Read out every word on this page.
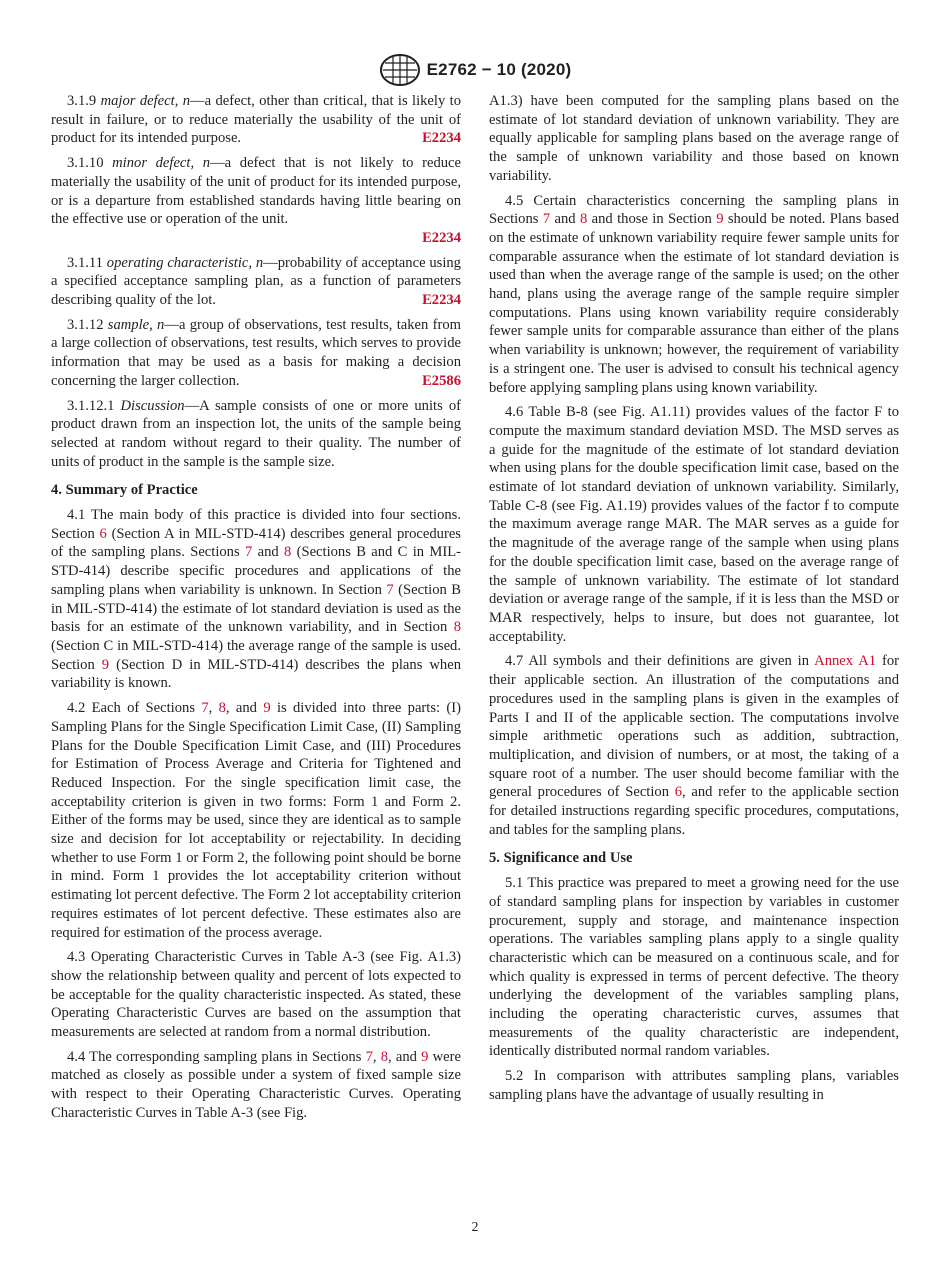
E2762 − 10 (2020)

3.1.9 major defect, n—a defect, other than critical, that is likely to result in failure, or to reduce materially the usability of the unit of product for its intended purpose.	E2234

3.1.10 minor defect, n—a defect that is not likely to reduce materially the usability of the unit of product for its intended purpose, or is a departure from established standards having little bearing on the effective use or operation of the unit.
E2234

3.1.11 operating characteristic, n—probability of acceptance using a specified acceptance sampling plan, as a function of parameters describing quality of the lot.	E2234

3.1.12 sample, n—a group of observations, test results, taken from a large collection of observations, test results, which serves to provide information that may be used as a basis for making a decision concerning the larger collection.	E2586

3.1.12.1 Discussion—A sample consists of one or more units of product drawn from an inspection lot, the units of the sample being selected at random without regard to their quality. The number of units of product in the sample is the sample size.

4. Summary of Practice

4.1 The main body of this practice is divided into four sections. Section 6 (Section A in MIL-STD-414) describes general procedures of the sampling plans. Sections 7 and 8 (Sections B and C in MIL-STD-414) describe specific procedures and applications of the sampling plans when variability is unknown. In Section 7 (Section B in MIL-STD-414) the estimate of lot standard deviation is used as the basis for an estimate of the unknown variability, and in Section 8 (Section C in MIL-STD-414) the average range of the sample is used. Section 9 (Section D in MIL-STD-414) describes the plans when variability is known.

4.2 Each of Sections 7, 8, and 9 is divided into three parts: (I) Sampling Plans for the Single Specification Limit Case, (II) Sampling Plans for the Double Specification Limit Case, and (III) Procedures for Estimation of Process Average and Criteria for Tightened and Reduced Inspection. For the single specification limit case, the acceptability criterion is given in two forms: Form 1 and Form 2. Either of the forms may be used, since they are identical as to sample size and decision for lot acceptability or rejectability. In deciding whether to use Form 1 or Form 2, the following point should be borne in mind. Form 1 provides the lot acceptability criterion without estimating lot percent defective. The Form 2 lot acceptability criterion requires estimates of lot percent defective. These estimates also are required for estimation of the process average.

4.3 Operating Characteristic Curves in Table A-3 (see Fig. A1.3) show the relationship between quality and percent of lots expected to be acceptable for the quality characteristic inspected. As stated, these Operating Characteristic Curves are based on the assumption that measurements are selected at random from a normal distribution.

4.4 The corresponding sampling plans in Sections 7, 8, and 9 were matched as closely as possible under a system of fixed sample size with respect to their Operating Characteristic Curves. Operating Characteristic Curves in Table A-3 (see Fig.

A1.3) have been computed for the sampling plans based on the estimate of lot standard deviation of unknown variability. They are equally applicable for sampling plans based on the average range of the sample of unknown variability and those based on known variability.

4.5 Certain characteristics concerning the sampling plans in Sections 7 and 8 and those in Section 9 should be noted. Plans based on the estimate of unknown variability require fewer sample units for comparable assurance when the estimate of lot standard deviation is used than when the average range of the sample is used; on the other hand, plans using the average range of the sample require simpler computations. Plans using known variability require considerably fewer sample units for comparable assurance than either of the plans when variability is unknown; however, the requirement of variability is a stringent one. The user is advised to consult his technical agency before applying sampling plans using known variability.

4.6 Table B-8 (see Fig. A1.11) provides values of the factor F to compute the maximum standard deviation MSD. The MSD serves as a guide for the magnitude of the estimate of lot standard deviation when using plans for the double specification limit case, based on the estimate of lot standard deviation of unknown variability. Similarly, Table C-8 (see Fig. A1.19) provides values of the factor f to compute the maximum average range MAR. The MAR serves as a guide for the magnitude of the average range of the sample when using plans for the double specification limit case, based on the average range of the sample of unknown variability. The estimate of lot standard deviation or average range of the sample, if it is less than the MSD or MAR respectively, helps to insure, but does not guarantee, lot acceptability.

4.7 All symbols and their definitions are given in Annex A1 for their applicable section. An illustration of the computations and procedures used in the sampling plans is given in the examples of Parts I and II of the applicable section. The computations involve simple arithmetic operations such as addition, subtraction, multiplication, and division of numbers, or at most, the taking of a square root of a number. The user should become familiar with the general procedures of Section 6, and refer to the applicable section for detailed instructions regarding specific procedures, computations, and tables for the sampling plans.

5. Significance and Use

5.1 This practice was prepared to meet a growing need for the use of standard sampling plans for inspection by variables in customer procurement, supply and storage, and maintenance inspection operations. The variables sampling plans apply to a single quality characteristic which can be measured on a continuous scale, and for which quality is expressed in terms of percent defective. The theory underlying the development of the variables sampling plans, including the operating characteristic curves, assumes that measurements of the quality characteristic are independent, identically distributed normal random variables.

5.2 In comparison with attributes sampling plans, variables sampling plans have the advantage of usually resulting in

2
